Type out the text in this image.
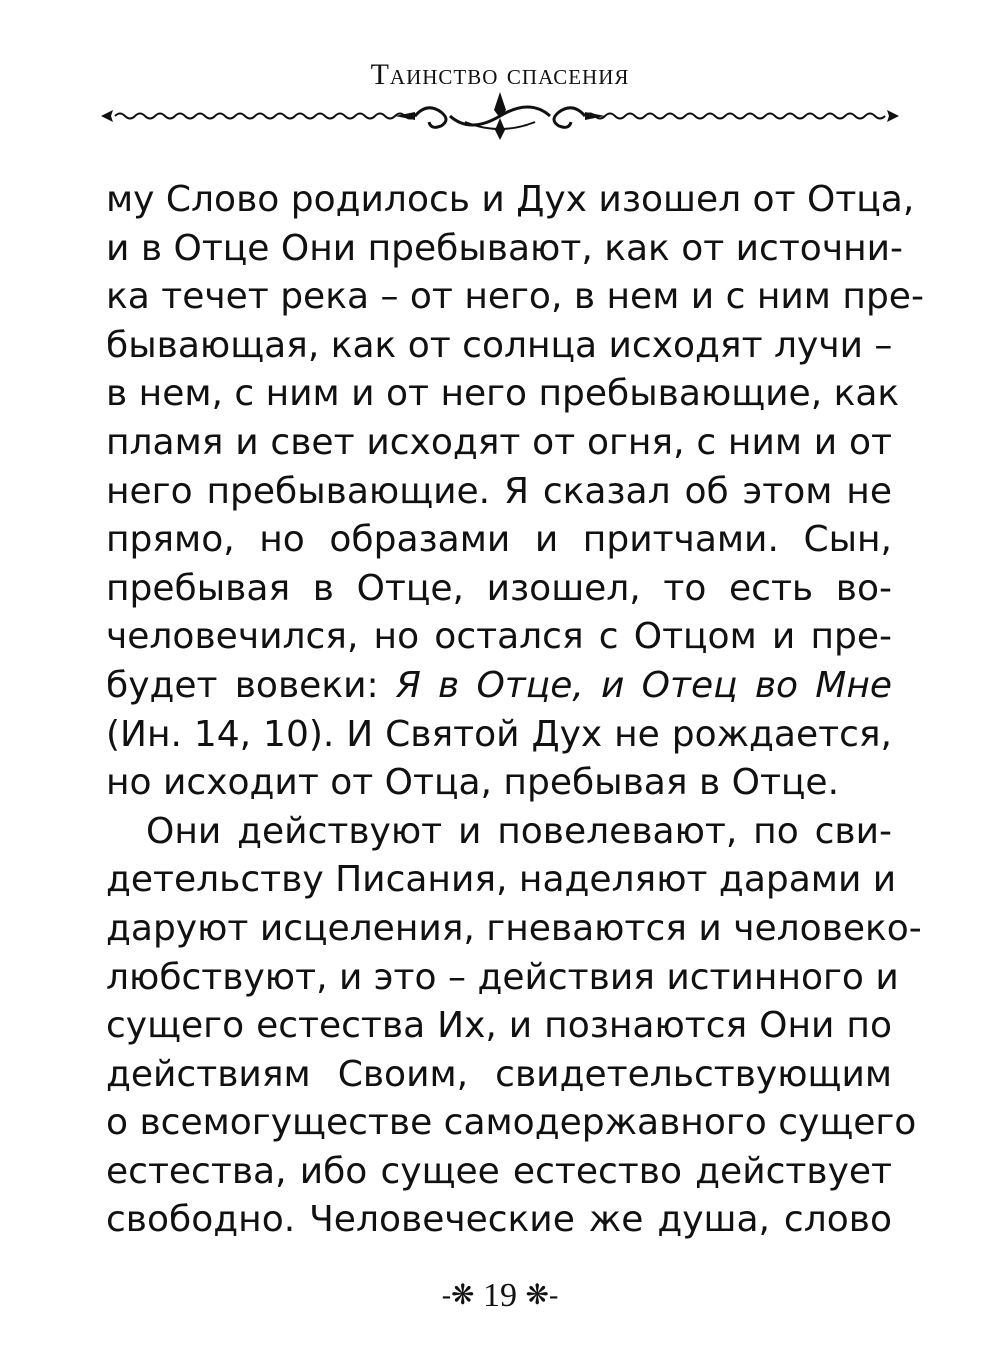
Таинство спасения
му Слово родилось и Дух изошел от Отца,
и в Отце Они пребывают, как от источни-
ка течет река – от него, в нем и с ним пре-
бывающая, как от солнца исходят лучи –
в нем, с ним и от него пребывающие, как
пламя и свет исходят от огня, с ним и от
него пребывающие. Я сказал об этом не
прямо, но образами и притчами. Сын,
пребывая в Отце, изошел, то есть во-
человечился, но остался с Отцом и пре-
будет вовеки: Я в Отце, и Отец во Мне
(Ин. 14, 10). И Святой Дух не рождается,
но исходит от Отца, пребывая в Отце.
Они действуют и повелевают, по сви-
детельству Писания, наделяют дарами и
даруют исцеления, гневаются и человеко-
любствуют, и это – действия истинного и
сущего естества Их, и познаются Они по
действиям Своим, свидетельствующим
о всемогуществе самодержавного сущего
естества, ибо сущее естество действует
свободно. Человеческие же душа, слово
-❋ 19 ❋-
